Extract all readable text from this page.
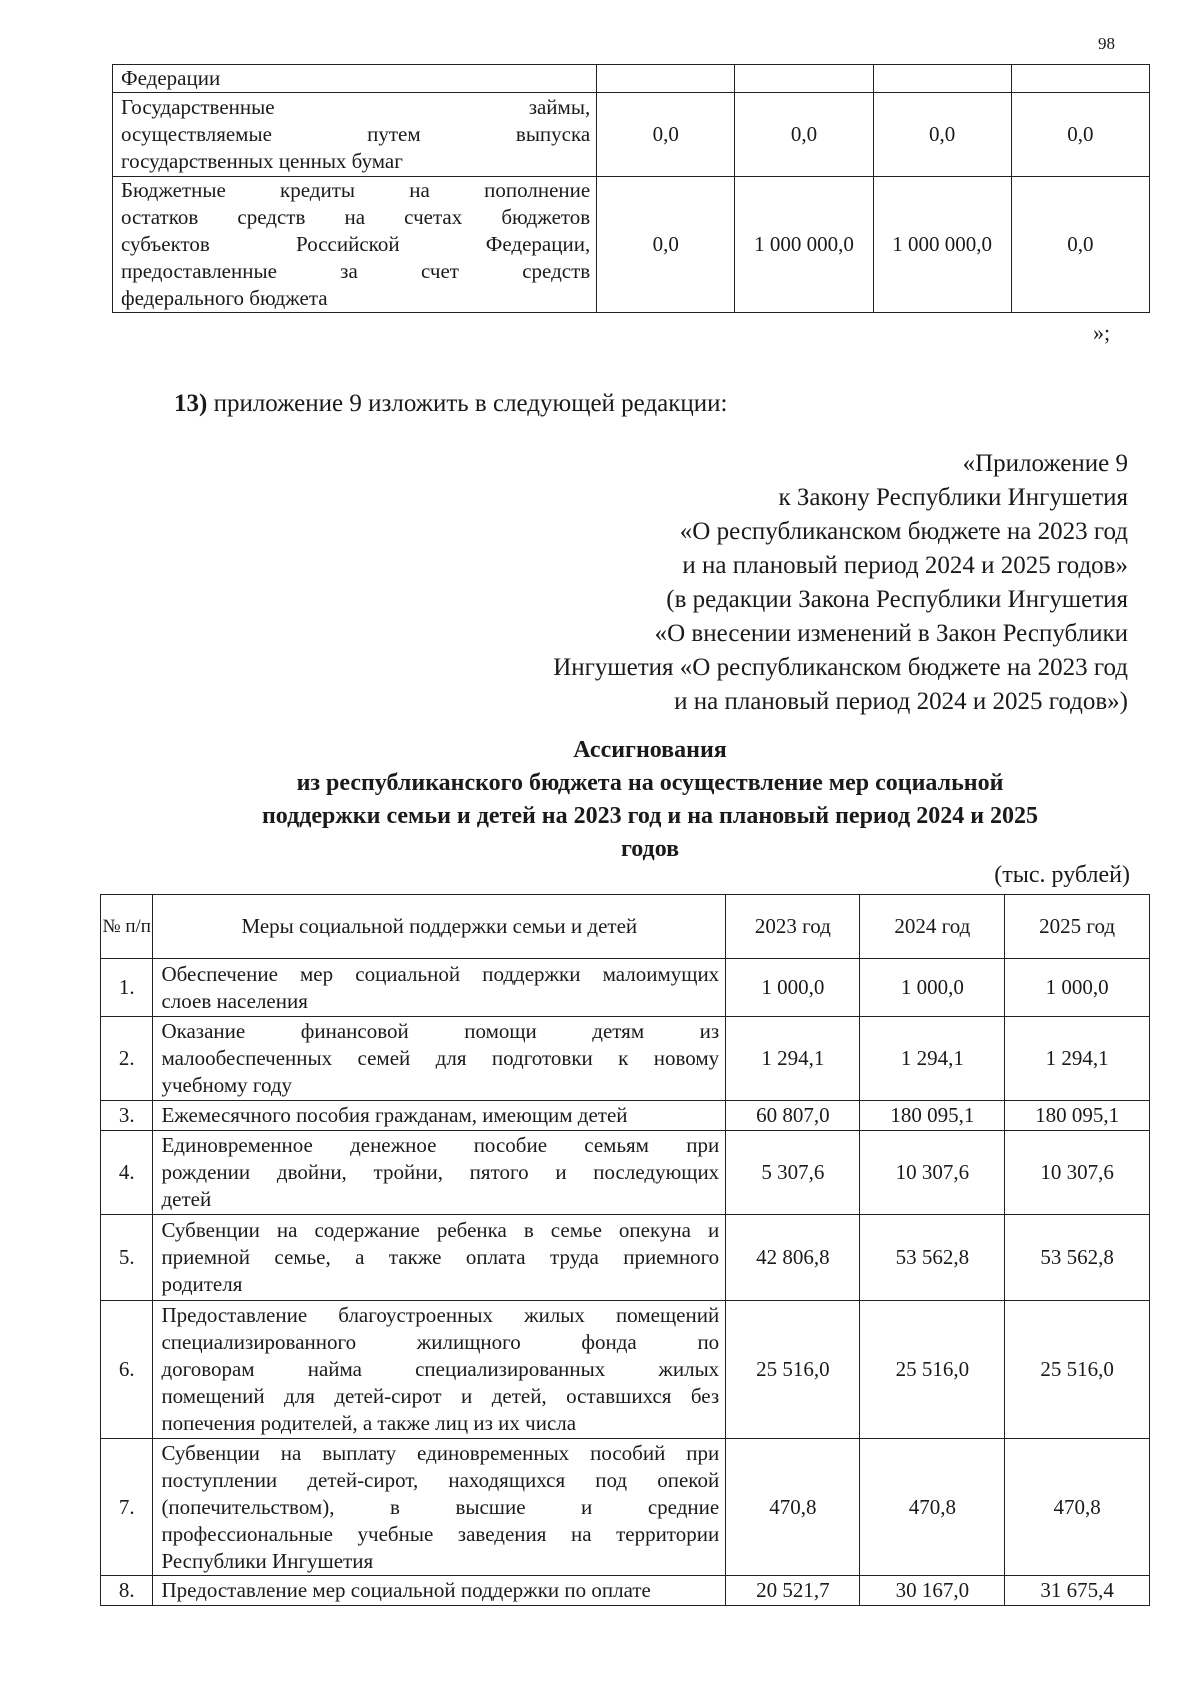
98
Федерации				

Государственные займы,
осуществляемые путем выпуска
государственных ценных бумаг	0,0	0,0	0,0	0,0

Бюджетные кредиты на пополнение
остатков средств на счетах бюджетов
субъектов Российской Федерации,
предоставленные за счет средств
федерального бюджета	0,0	1 000 000,0	1 000 000,0	0,0
»;
13) приложение 9 изложить в следующей редакции:
«Приложение 9
к Закону Республики Ингушетия
«О республиканском бюджете на 2023 год
и на плановый период 2024 и 2025 годов»
(в редакции Закона Республики Ингушетия
«О внесении изменений в Закон Республики
Ингушетия «О республиканском бюджете на 2023 год
и на плановый период 2024 и 2025 годов»)
Ассигнования
из республиканского бюджета на осуществление мер социальной
поддержки семьи и детей на 2023 год и на плановый период 2024 и 2025
годов
(тыс. рублей)
№ п/п	Меры социальной поддержки семьи и детей	2023 год	2024 год	2025 год
1.	Обеспечение мер социальной поддержки малоимущих
слоев населения	1 000,0	1 000,0	1 000,0
2.	Оказание финансовой помощи детям из
малообеспеченных семей для подготовки к новому
учебному году	1 294,1	1 294,1	1 294,1
3.	Ежемесячного пособия гражданам, имеющим детей	60 807,0	180 095,1	180 095,1
4.	Единовременное денежное пособие семьям при
рождении двойни, тройни, пятого и последующих
детей	5 307,6	10 307,6	10 307,6
5.	Субвенции на содержание ребенка в семье опекуна и
приемной семье, а также оплата труда приемного
родителя	42 806,8	53 562,8	53 562,8
6.	Предоставление благоустроенных жилых помещений
специализированного жилищного фонда по
договорам найма специализированных жилых
помещений для детей-сирот и детей, оставшихся без
попечения родителей, а также лиц из их числа	25 516,0	25 516,0	25 516,0
7.	Субвенции на выплату единовременных пособий при
поступлении детей-сирот, находящихся под опекой
(попечительством), в высшие и средние
профессиональные учебные заведения на территории
Республики Ингушетия	470,8	470,8	470,8
8.	Предоставление мер социальной поддержки по оплате	20 521,7	30 167,0	31 675,4
